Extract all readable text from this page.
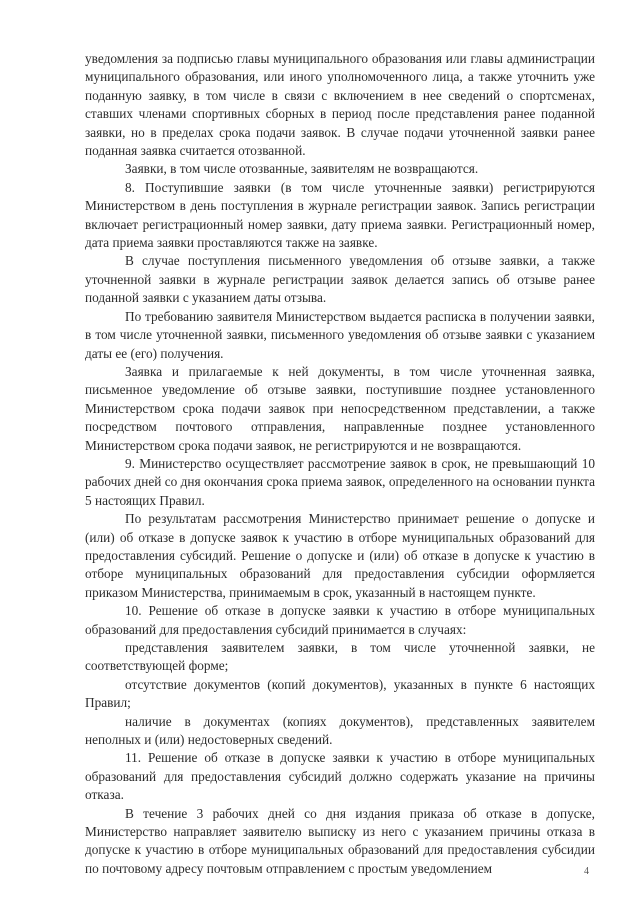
уведомления за подписью главы муниципального образования или главы администрации муниципального образования, или иного уполномоченного лица, а также уточнить уже поданную заявку, в том числе в связи с включением в нее сведений о спортсменах, ставших членами спортивных сборных в период после представления ранее поданной заявки, но в пределах срока подачи заявок. В случае подачи уточненной заявки ранее поданная заявка считается отозванной.

Заявки, в том числе отозванные, заявителям не возвращаются.

8. Поступившие заявки (в том числе уточненные заявки) регистрируются Министерством в день поступления в журнале регистрации заявок. Запись регистрации включает регистрационный номер заявки, дату приема заявки. Регистрационный номер, дата приема заявки проставляются также на заявке.

В случае поступления письменного уведомления об отзыве заявки, а также уточненной заявки в журнале регистрации заявок делается запись об отзыве ранее поданной заявки с указанием даты отзыва.

По требованию заявителя Министерством выдается расписка в получении заявки, в том числе уточненной заявки, письменного уведомления об отзыве заявки с указанием даты ее (его) получения.

Заявка и прилагаемые к ней документы, в том числе уточненная заявка, письменное уведомление об отзыве заявки, поступившие позднее установленного Министерством срока подачи заявок при непосредственном представлении, а также посредством почтового отправления, направленные позднее установленного Министерством срока подачи заявок, не регистрируются и не возвращаются.

9. Министерство осуществляет рассмотрение заявок в срок, не превышающий 10 рабочих дней со дня окончания срока приема заявок, определенного на основании пункта 5 настоящих Правил.

По результатам рассмотрения Министерство принимает решение о допуске и (или) об отказе в допуске заявок к участию в отборе муниципальных образований для предоставления субсидий. Решение о допуске и (или) об отказе в допуске к участию в отборе муниципальных образований для предоставления субсидии оформляется приказом Министерства, принимаемым в срок, указанный в настоящем пункте.

10. Решение об отказе в допуске заявки к участию в отборе муниципальных образований для предоставления субсидий принимается в случаях:

представления заявителем заявки, в том числе уточненной заявки, не соответствующей форме;

отсутствие документов (копий документов), указанных в пункте 6 настоящих Правил;

наличие в документах (копиях документов), представленных заявителем неполных и (или) недостоверных сведений.

11. Решение об отказе в допуске заявки к участию в отборе муниципальных образований для предоставления субсидий должно содержать указание на причины отказа.

В течение 3 рабочих дней со дня издания приказа об отказе в допуске, Министерство направляет заявителю выписку из него с указанием причины отказа в допуске к участию в отборе муниципальных образований для предоставления субсидии по почтовому адресу почтовым отправлением с простым уведомлением	4
